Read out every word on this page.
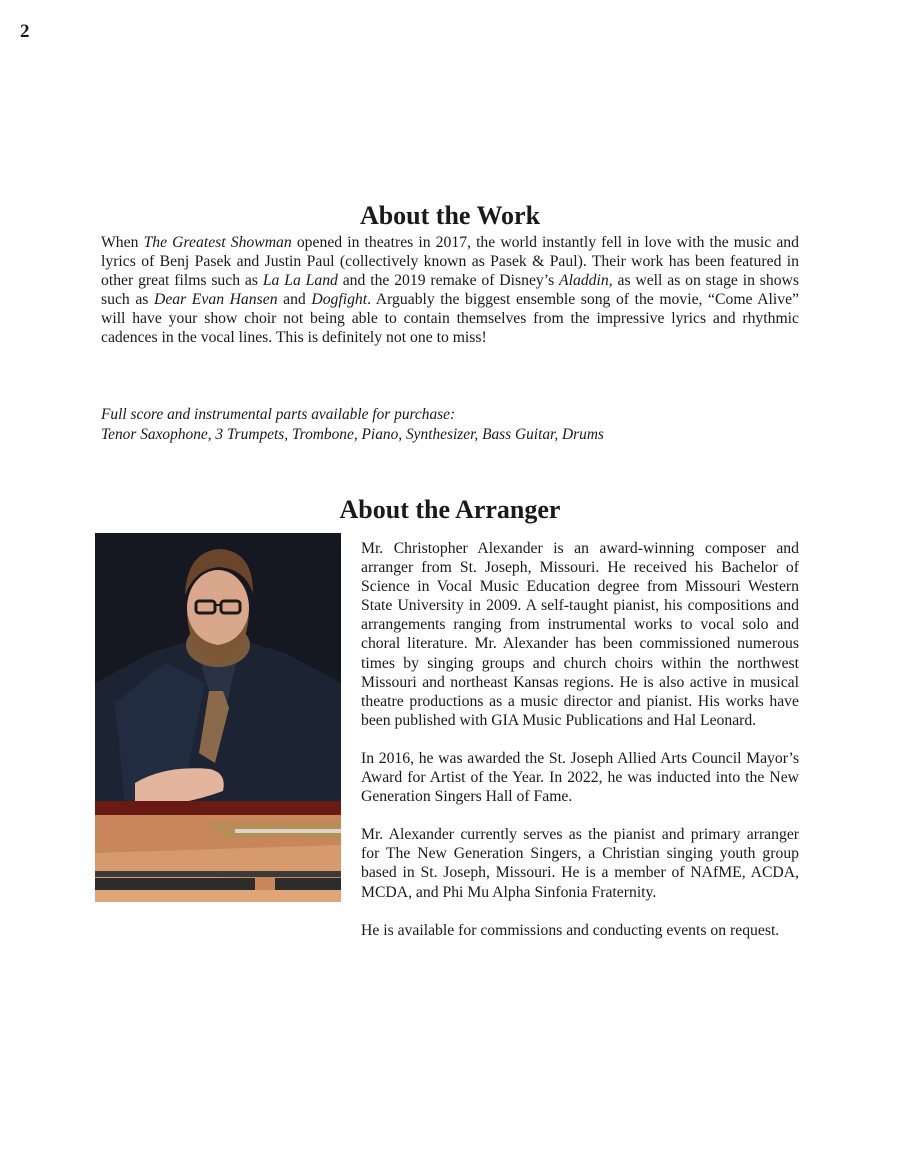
2
About the Work

When The Greatest Showman opened in theatres in 2017, the world instantly fell in love with the music and lyrics of Benj Pasek and Justin Paul (collectively known as Pasek & Paul). Their work has been featured in other great films such as La La Land and the 2019 remake of Disney’s Aladdin, as well as on stage in shows such as Dear Evan Hansen and Dogfight. Arguably the biggest ensemble song of the movie, “Come Alive” will have your show choir not being able to contain themselves from the impressive lyrics and rhythmic cadences in the vocal lines. This is definitely not one to miss!

Full score and instrumental parts available for purchase:
Tenor Saxophone, 3 Trumpets, Trombone, Piano, Synthesizer, Bass Guitar, Drums
About the Arranger

Mr. Christopher Alexander is an award-winning composer and arranger from St. Joseph, Missouri. He received his Bachelor of Science in Vocal Music Education degree from Missouri Western State University in 2009. A self-taught pianist, his compositions and arrangements ranging from instrumental works to vocal solo and choral literature. Mr. Alexander has been commissioned numerous times by singing groups and church choirs within the northwest Missouri and northeast Kansas regions. He is also active in musical theatre productions as a music director and pianist. His works have been published with GIA Music Publications and Hal Leonard.

In 2016, he was awarded the St. Joseph Allied Arts Council Mayor’s Award for Artist of the Year. In 2022, he was inducted into the New Generation Singers Hall of Fame.

Mr. Alexander currently serves as the pianist and primary arranger for The New Generation Singers, a Christian singing youth group based in St. Joseph, Missouri. He is a member of NAfME, ACDA, MCDA, and Phi Mu Alpha Sinfonia Fraternity.

He is available for commissions and conducting events on request.
